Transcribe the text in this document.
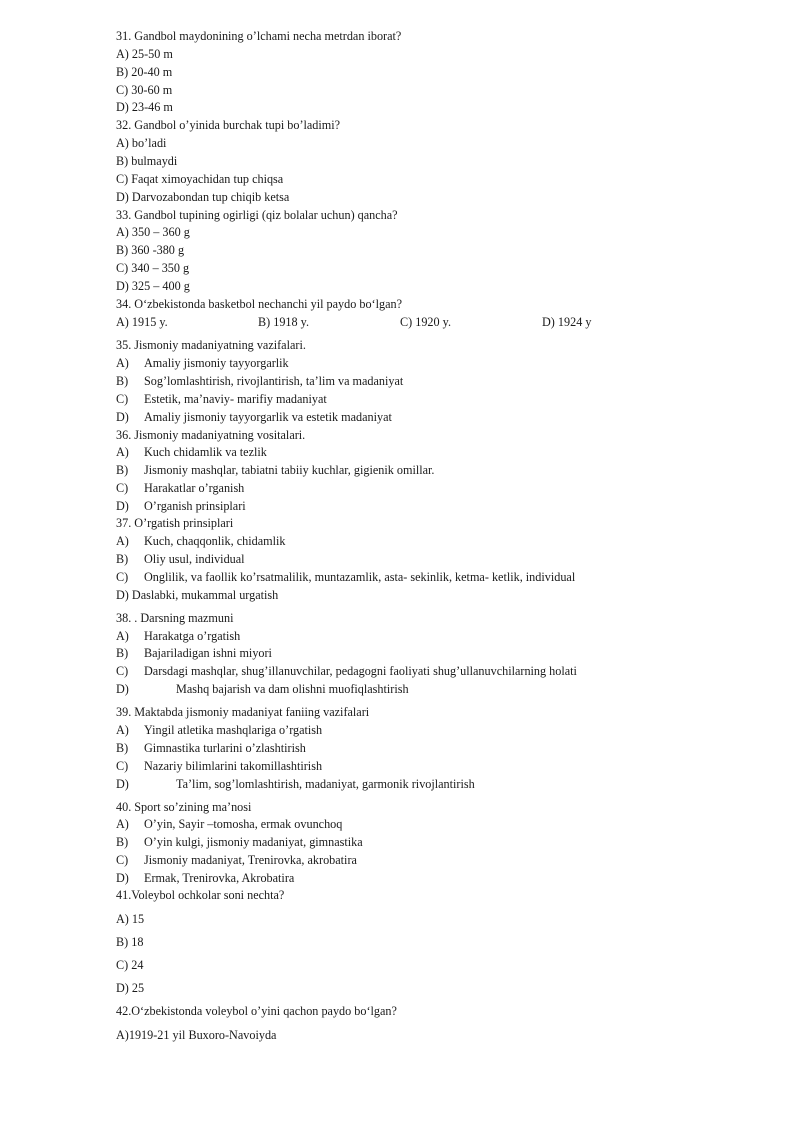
31. Gandbol maydonining o’lchami necha metrdan iborat?
A) 25-50 m
B) 20-40 m
C) 30-60 m
D) 23-46 m
32. Gandbol o’yinida burchak tupi bo’ladimi?
A) bo’ladi
B) bulmaydi
C) Faqat ximoyachidan tup chiqsa
D) Darvozabondan tup chiqib ketsa
33. Gandbol tupining ogirligi (qiz bolalar uchun) qancha?
A) 350 – 360 g
B) 360 -380 g
C) 340 – 350 g
D) 325 – 400 g
34. O‘zbekistonda basketbol nechanchi yil paydo bo‘lgan?
A) 1915 y.	B) 1918 y.	C) 1920 y.	D) 1924 y
35. Jismoniy madaniyatning vazifalari.
A) Amaliy jismoniy tayyorgarlik
B) Sog’lomlashtirish, rivojlantirish, ta’lim va madaniyat
C) Estetik, ma’naviy- marifiy madaniyat
D) Amaliy jismoniy tayyorgarlik va estetik madaniyat
36. Jismoniy madaniyatning vositalari.
A) Kuch chidamlik va tezlik
B) Jismoniy mashqlar, tabiatni tabiiy kuchlar, gigienik omillar.
C) Harakatlar o’rganish
D) O’rganish prinsiplari
37. O’rgatish prinsiplari
A) Kuch, chaqqonlik, chidamlik
B) Oliy usul, individual
C) Onglilik, va faollik ko’rsatmalilik, muntazamlik, asta- sekinlik, ketma- ketlik, individual
D) Daslabki, mukammal urgatish
38. . Darsning mazmuni
A) Harakatga o’rgatish
B) Bajariladigan ishni miyori
C) Darsdagi mashqlar, shug’illanuvchilar, pedagogni faoliyati shug’ullanuvchilarning holati
D)	Mashq bajarish va dam olishni muofiqlashtirish
39. Maktabda jismoniy madaniyat faniing vazifalari
A) Yingil atletika mashqlariga o’rgatish
B) Gimnastika turlarini o’zlashtirish
C) Nazariy bilimlarini takomillashtirish
D)	Ta’lim, sog’lomlashtirish, madaniyat, garmonik rivojlantirish
40. Sport so’zining ma’nosi
A) O’yin, Sayir –tomosha, ermak ovunchoq
B) O’yin kulgi, jismoniy madaniyat, gimnastika
C) Jismoniy madaniyat, Trenirovka, akrobatira
D) Ermak, Trenirovka, Akrobatira
41.Voleybol ochkolar soni nechta?
A) 15
B) 18
C) 24
D) 25
42.O‘zbekistonda voleybol o’yini qachon paydo bo‘lgan?
A)1919-21 yil Buxoro-Navoiyda
